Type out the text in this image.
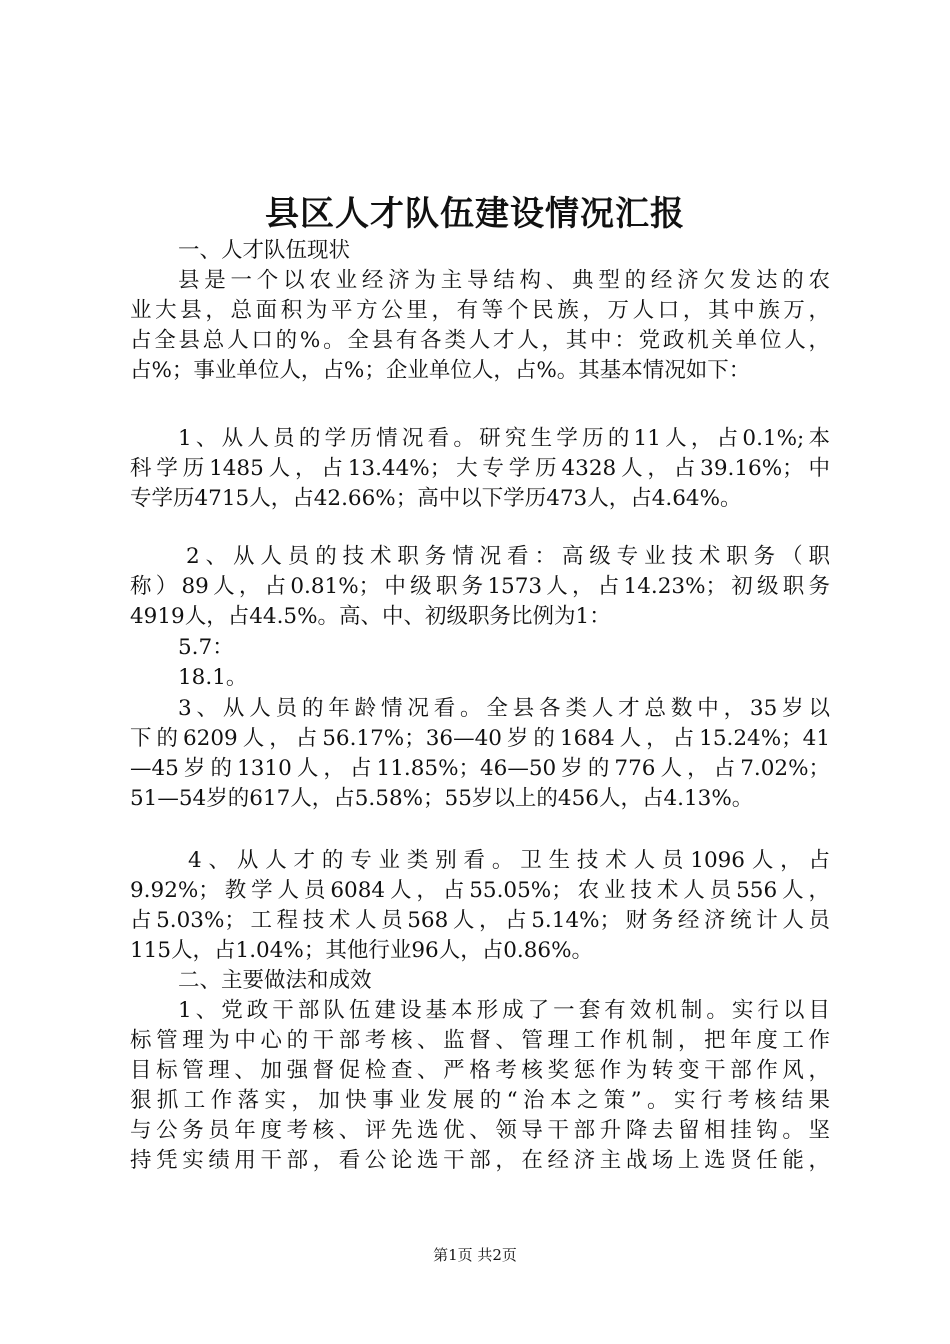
县区人才队伍建设情况汇报
一、人才队伍现状
县是一个以农业经济为主导结构、典型的经济欠发达的农
业大县，总面积为平方公里，有等个民族，万人口，其中族万，
占全县总人口的%。全县有各类人才人，其中：党政机关单位人，
占%；事业单位人，占%；企业单位人，占%。其基本情况如下：
1、从人员的学历情况看。研究生学历的11人，占0.1%;本
科学历1485人，占13.44%；大专学历4328人，占39.16%；中
专学历4715人，占42.66%；高中以下学历473人，占4.64%。
2、从人员的技术职务情况看：高级专业技术职务（职
称）89人，占0.81%；中级职务1573人，占14.23%；初级职务
4919人，占44.5%。高、中、初级职务比例为1：
5.7：
18.1。
3、从人员的年龄情况看。全县各类人才总数中，35岁以
下的6209人，占56.17%；36—40岁的1684人，占15.24%；41
—45岁的1310人，占11.85%；46—50岁的776人，占7.02%；
51—54岁的617人，占5.58%；55岁以上的456人，占4.13%。
4、从人才的专业类别看。卫生技术人员1096人，占
9.92%；教学人员6084人，占55.05%；农业技术人员556人，
占5.03%；工程技术人员568人，占5.14%；财务经济统计人员
115人，占1.04%；其他行业96人，占0.86%。
二、主要做法和成效
1、党政干部队伍建设基本形成了一套有效机制。实行以目
标管理为中心的干部考核、监督、管理工作机制，把年度工作
目标管理、加强督促检查、严格考核奖惩作为转变干部作风，
狠抓工作落实，加快事业发展的“治本之策”。实行考核结果
与公务员年度考核、评先选优、领导干部升降去留相挂钩。坚
持凭实绩用干部，看公论选干部，在经济主战场上选贤任能，
第1页 共2页
